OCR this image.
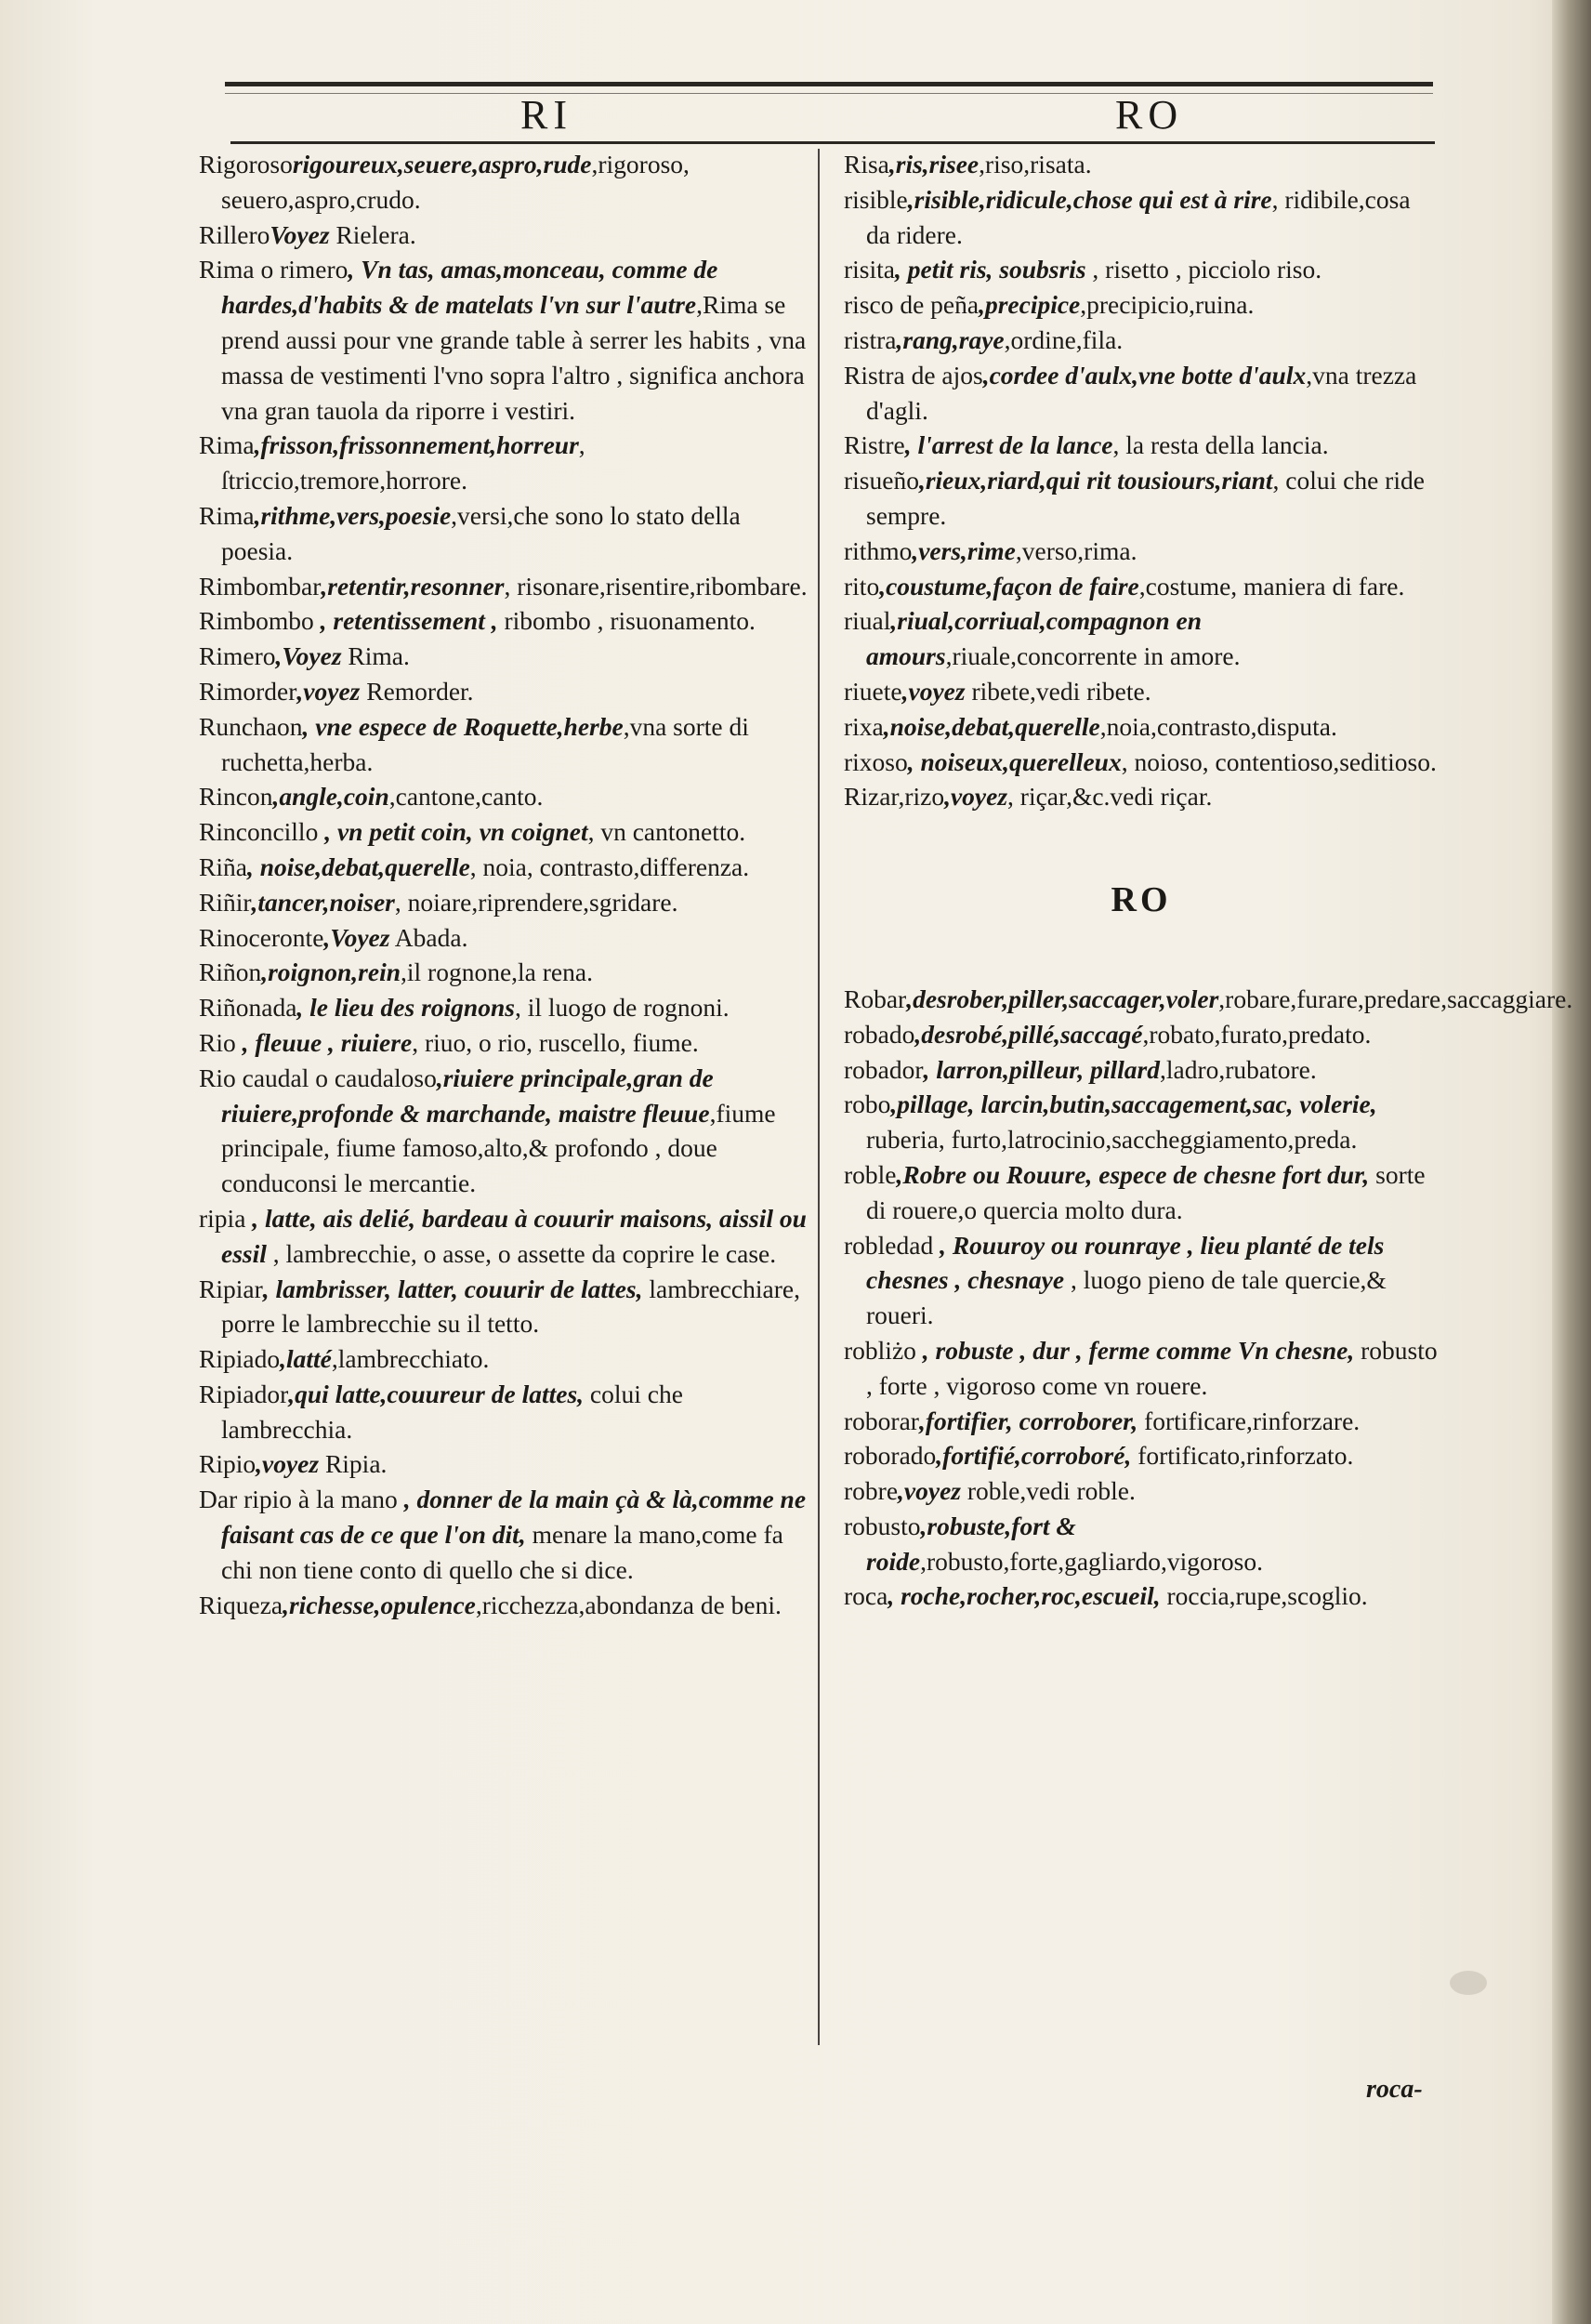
RI	RO

Rigorosorigoureux,seuere,aspro,rude,rigoroso, seuero,aspro,crudo.

RilleroVoyez Rielera.

Rima o rimero, Vn tas, amas,monceau, comme de hardes,d'habits & de matelats l'vn sur l'autre,Rima se prend aussi pour vne grande table à serrer les habits , vna massa de vestimenti l'vno sopra l'altro , significa anchora vna gran tauola da riporre i vestiri.

Rima,frisson,frissonnement,horreur, ſtriccio,tremore,horrore.

Rima,rithme,vers,poesie,versi,che sono lo stato della poesia.

Rimbombar,retentir,resonner, risonare,risentire,ribombare.

Rimbombo , retentissement , ribombo , risuonamento.

Rimero,Voyez Rima.

Rimorder,voyez Remorder.

Runchaon, vne espece de Roquette,herbe,vna sorte di ruchetta,herba.

Rincon,angle,coin,cantone,canto.

Rinconcillo , vn petit coin, vn coignet, vn cantonetto.

Riña, noise,debat,querelle, noia, contrasto,differenza.

Riñir,tancer,noiser, noiare,riprendere,sgridare.

Rinoceronte,Voyez Abada.

Riñon,roignon,rein,il rognone,la rena.

Riñonada, le lieu des roignons, il luogo de rognoni.

Rio , fleuue , riuiere, riuo, o rio, ruscello, fiume.

Rio caudal o caudaloso,riuiere principale,gran de riuiere,profonde & marchande, maistre fleuue,fiume principale, fiume famoso,alto,& profondo , doue conduconsi le mercantie.

ripia , latte, ais delié, bardeau à couurir maisons, aissil ou essil , lambrecchie, o asse, o assette da coprire le case.

Ripiar, lambrisser, latter, couurir de lattes, lambrecchiare, porre le lambrecchie su il tetto.

Ripiado,latté,lambrecchiato.

Ripiador,qui latte,couureur de lattes, colui che lambrecchia.

Ripio,voyez Ripia.

Dar ripio à la mano , donner de la main çà & là,comme ne faisant cas de ce que l'on dit, menare la mano,come fa chi non tiene conto di quello che si dice.

Riqueza,richesse,opulence,ricchezza,abondanza de beni.

Risa,ris,risee,riso,risata.

risible,risible,ridicule,chose qui est à rire, ridibile,cosa da ridere.

risita, petit ris, soubsris , risetto , picciolo riso.

risco de peña,precipice,precipicio,ruina.

ristra,rang,raye,ordine,fila.

Ristra de ajos,cordee d'aulx,vne botte d'aulx,vna trezza d'agli.

Ristre, l'arrest de la lance, la resta della lancia.

risueño,rieux,riard,qui rit tousiours,riant, colui che ride sempre.

rithmo,vers,rime,verso,rima.

rito,coustume,façon de faire,costume, maniera di fare.

riual,riual,corriual,compagnon en amours,riuale,concorrente in amore.

riuete,voyez ribete,vedi ribete.

rixa,noise,debat,querelle,noia,contrasto,disputa.

rixoso, noiseux,querelleux, noioso, contentioso,seditioso.

Rizar,rizo,voyez, riçar,&c.vedi riçar.

RO

Robar,desrober,piller,saccager,voler,robare,furare,predare,saccaggiare.

robado,desrobé,pillé,saccagé,robato,furato,predato.

robador, larron,pilleur, pillard,ladro,rubatore.

robo,pillage, larcin,butin,saccagement,sac, volerie, ruberia, furto,latrocinio,saccheggiamento,preda.

roble,Robre ou Rouure, espece de chesne fort dur, sorte di rouere,o quercia molto dura.

robledad , Rouuroy ou rounraye , lieu planté de tels chesnes , chesnaye , luogo pieno de tale quercie,& roueri.

robliżo , robuste , dur , ferme comme Vn chesne, robusto , forte , vigoroso come vn rouere.

roborar,fortifier, corroborer, fortificare,rinforzare.

roborado,fortifié,corroboré, fortificato,rinforzato.

robre,voyez roble,vedi roble.

robusto,robuste,fort & roide,robusto,forte,gagliardo,vigoroso.

roca, roche,rocher,roc,escueil, roccia,rupe,scoglio.

roca-
